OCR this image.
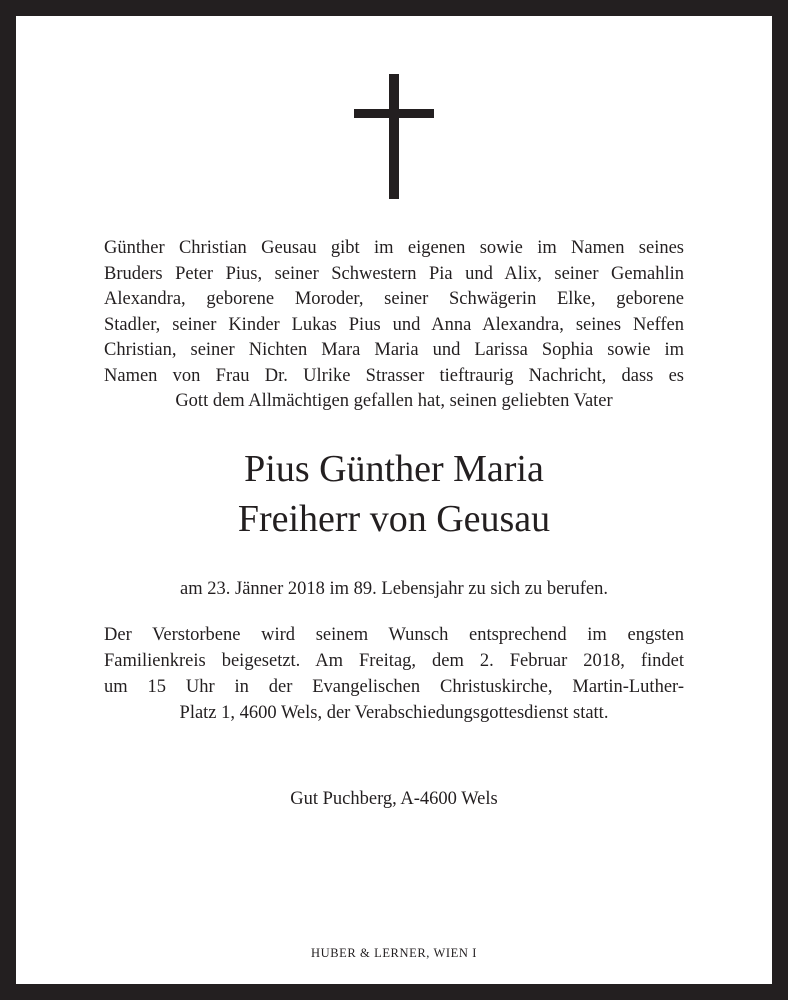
Günther Christian Geusau gibt im eigenen sowie im Namen seines
Bruders Peter Pius, seiner Schwestern Pia und Alix, seiner Gemahlin
Alexandra, geborene Moroder, seiner Schwägerin Elke, geborene
Stadler, seiner Kinder Lukas Pius und Anna Alexandra, seines Neffen
Christian, seiner Nichten Mara Maria und Larissa Sophia sowie im
Namen von Frau Dr. Ulrike Strasser tieftraurig Nachricht, dass es
Gott dem Allmächtigen gefallen hat, seinen geliebten Vater
Pius Günther Maria
Freiherr von Geusau
am 23. Jänner 2018 im 89. Lebensjahr zu sich zu berufen.
Der Verstorbene wird seinem Wunsch entsprechend im engsten
Familienkreis beigesetzt. Am Freitag, dem 2. Februar 2018, findet
um 15 Uhr in der Evangelischen Christuskirche, Martin-Luther-
Platz 1, 4600 Wels, der Verabschiedungsgottesdienst statt.
Gut Puchberg, A-4600 Wels
HUBER & LERNER, WIEN I
